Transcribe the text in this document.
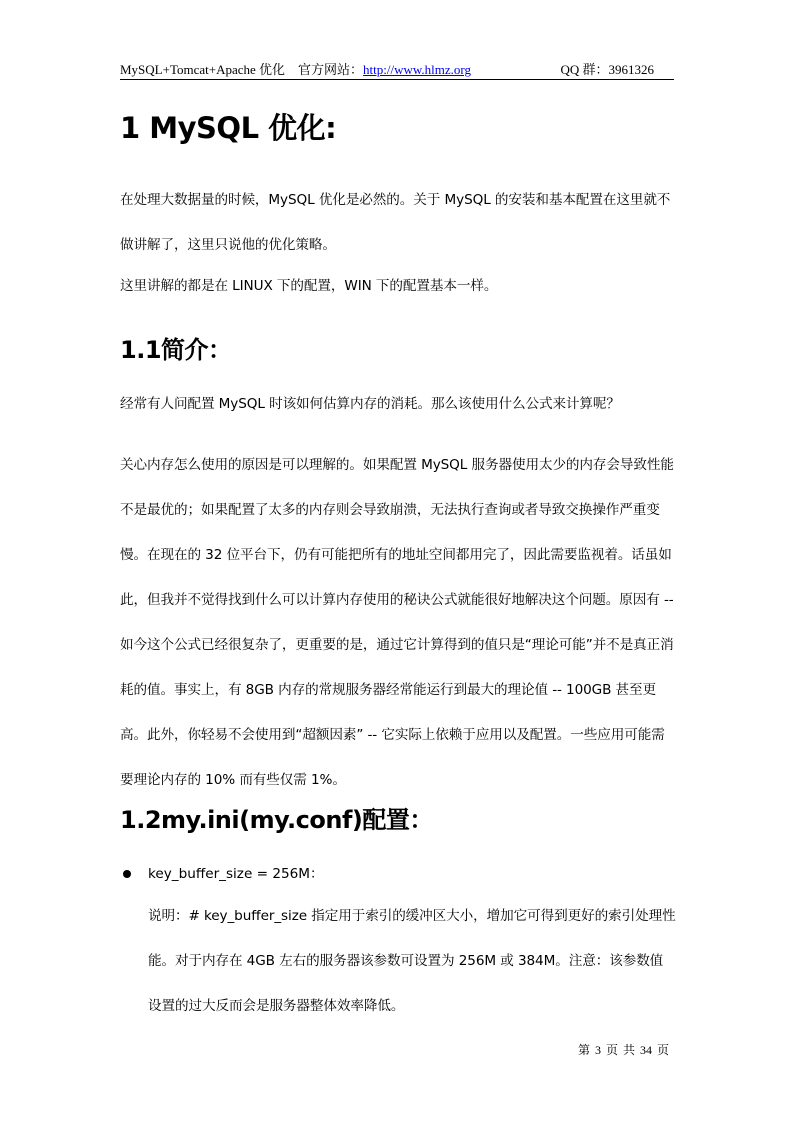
MySQL+Tomcat+Apache 优化 官方网站：http://www.hlmz.org	QQ 群：3961326
1 MySQL 优化:

在处理大数据量的时候，MySQL 优化是必然的。关于 MySQL 的安装和基本配置在这里就不做讲解了，这里只说他的优化策略。

这里讲解的都是在 LINUX 下的配置，WIN 下的配置基本一样。

1.1简介：

经常有人问配置 MySQL 时该如何估算内存的消耗。那么该使用什么公式来计算呢？

关心内存怎么使用的原因是可以理解的。如果配置 MySQL 服务器使用太少的内存会导致性能不是最优的；如果配置了太多的内存则会导致崩溃，无法执行查询或者导致交换操作严重变慢。在现在的 32 位平台下，仍有可能把所有的地址空间都用完了，因此需要监视着。话虽如此，但我并不觉得找到什么可以计算内存使用的秘诀公式就能很好地解决这个问题。原因有 -- 如今这个公式已经很复杂了，更重要的是，通过它计算得到的值只是“理论可能”并不是真正消耗的值。事实上，有 8GB 内存的常规服务器经常能运行到最大的理论值 -- 100GB 甚至更高。此外，你轻易不会使用到“超额因素” -- 它实际上依赖于应用以及配置。一些应用可能需要理论内存的 10% 而有些仅需 1%。

1.2my.ini(my.conf)配置：
key_buffer_size = 256M：

说明：# key_buffer_size 指定用于索引的缓冲区大小，增加它可得到更好的索引处理性能。对于内存在 4GB 左右的服务器该参数可设置为 256M 或 384M。注意：该参数值设置的过大反而会是服务器整体效率降低。

第 3 页 共 34 页
